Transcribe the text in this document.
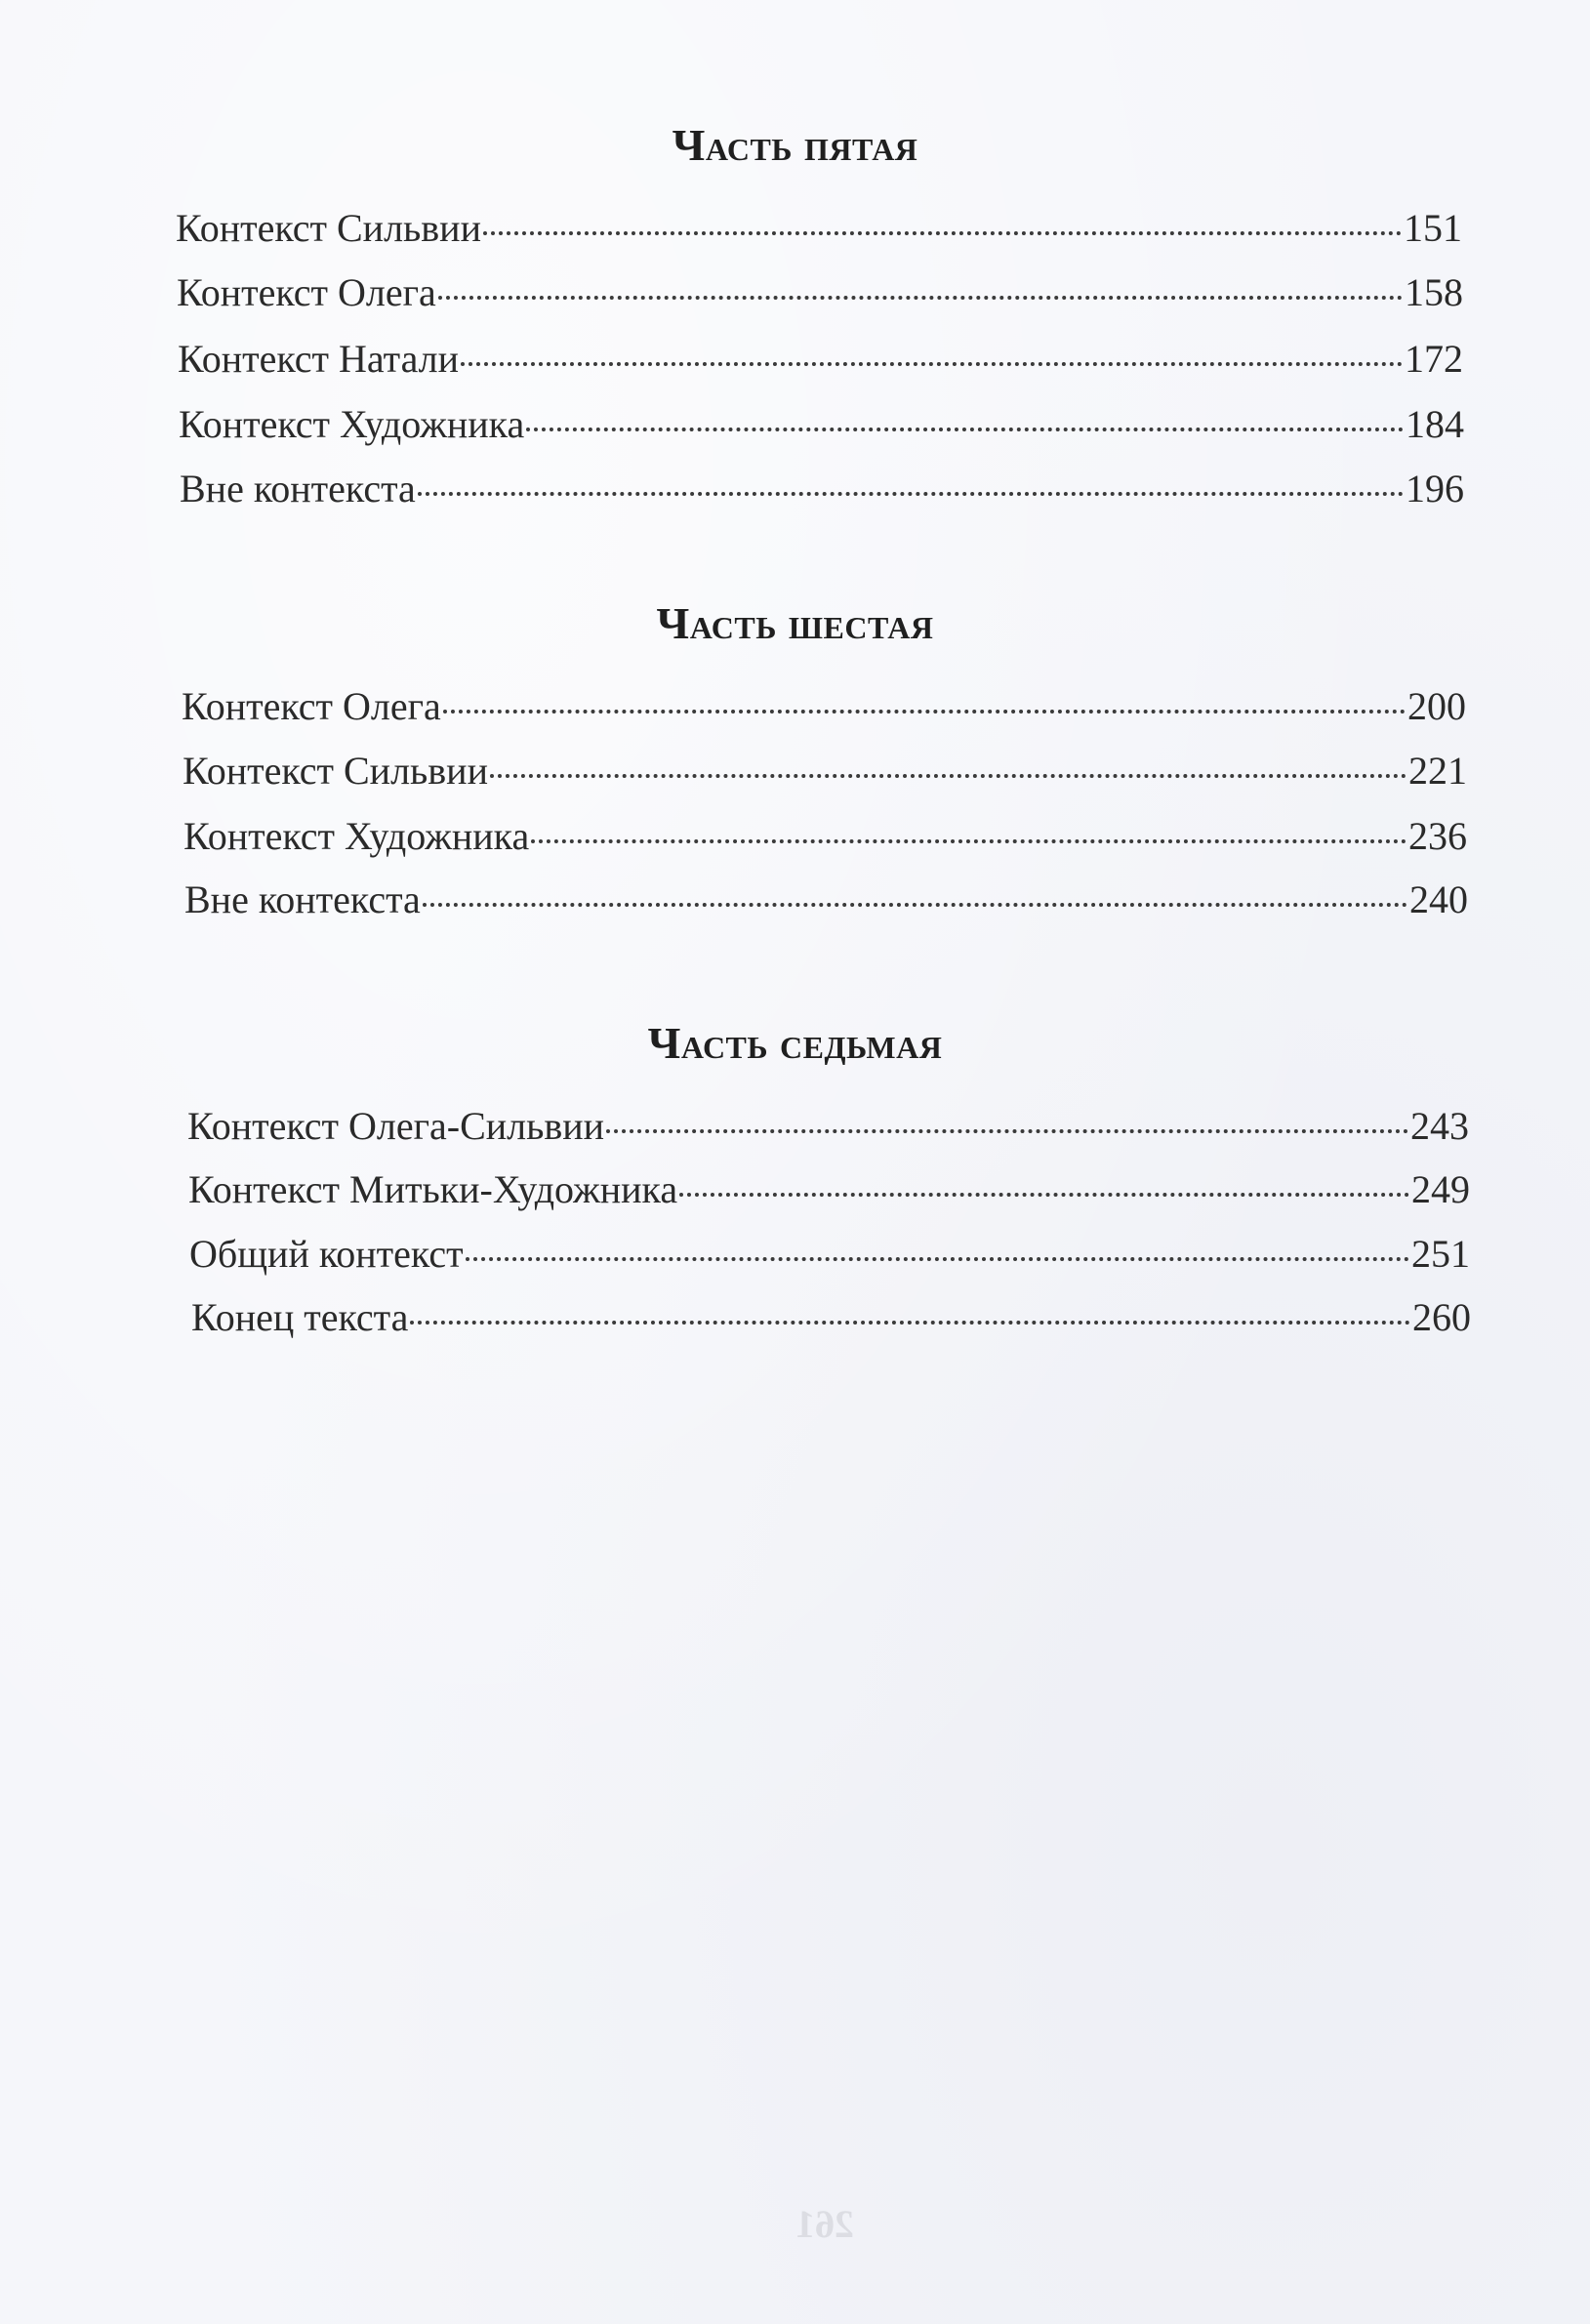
Часть пятая
Контекст Сильвии	151
Контекст Олега	158
Контекст Натали	172
Контекст Художника	184
Вне контекста	196
Часть шестая
Контекст Олега	200
Контекст Сильвии	221
Контекст Художника	236
Вне контекста	240
Часть седьмая
Контекст Олега-Сильвии	243
Контекст Митьки-Художника	249
Общий контекст	251
Конец текста	260
261
